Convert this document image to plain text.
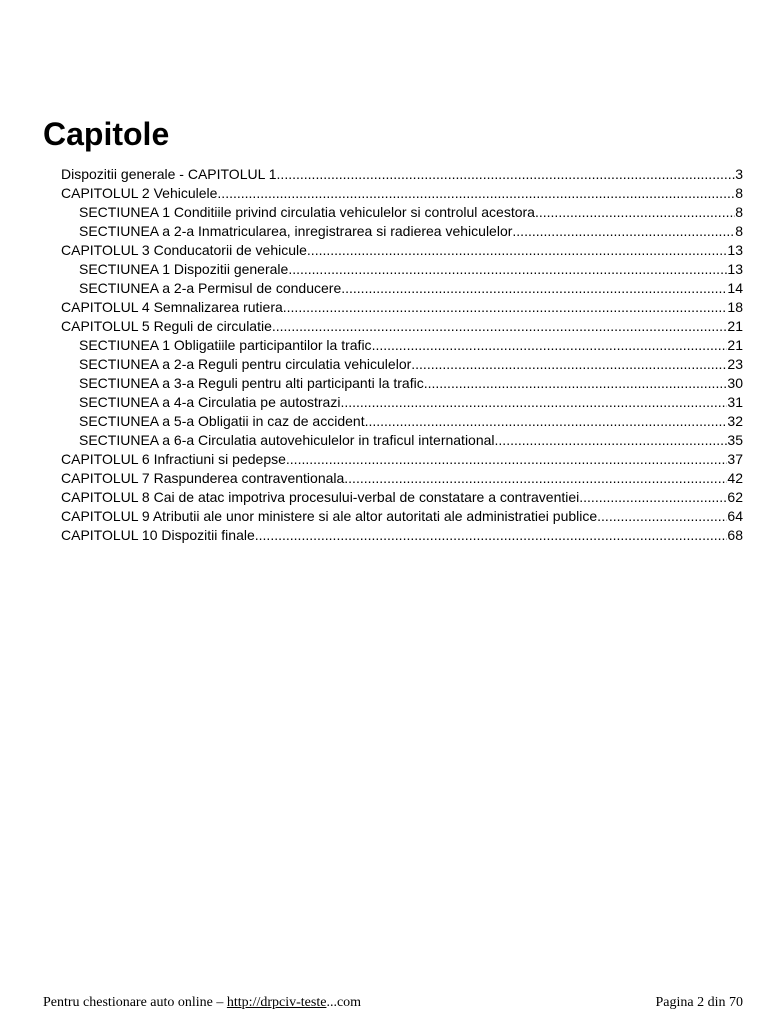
Capitole
Dispozitii generale - CAPITOLUL 1 .....	3
CAPITOLUL 2 Vehiculele .....	8
SECTIUNEA 1 Conditiile privind circulatia vehiculelor si controlul acestora .....	8
SECTIUNEA a 2-a Inmatricularea, inregistrarea si radierea vehiculelor .....	8
CAPITOLUL 3 Conducatorii de vehicule .....	13
SECTIUNEA 1 Dispozitii generale .....	13
SECTIUNEA a 2-a Permisul de conducere .....	14
CAPITOLUL 4 Semnalizarea rutiera .....	18
CAPITOLUL 5 Reguli de circulatie .....	21
SECTIUNEA 1 Obligatiile participantilor la trafic .....	21
SECTIUNEA a 2-a Reguli pentru circulatia vehiculelor .....	23
SECTIUNEA a 3-a Reguli pentru alti participanti la trafic .....	30
SECTIUNEA a 4-a Circulatia pe autostrazi .....	31
SECTIUNEA a 5-a Obligatii in caz de accident .....	32
SECTIUNEA a 6-a Circulatia autovehiculelor in traficul international .....	35
CAPITOLUL 6 Infractiuni si pedepse .....	37
CAPITOLUL 7 Raspunderea contraventionala .....	42
CAPITOLUL 8 Cai de atac impotriva procesului-verbal de constatare a contraventiei .....	62
CAPITOLUL 9 Atributii ale unor ministere si ale altor autoritati ale administratiei publice .....	64
CAPITOLUL 10 Dispozitii finale .....	68
Pentru chestionare auto online – http://drpciv-teste...com	Pagina 2 din 70
